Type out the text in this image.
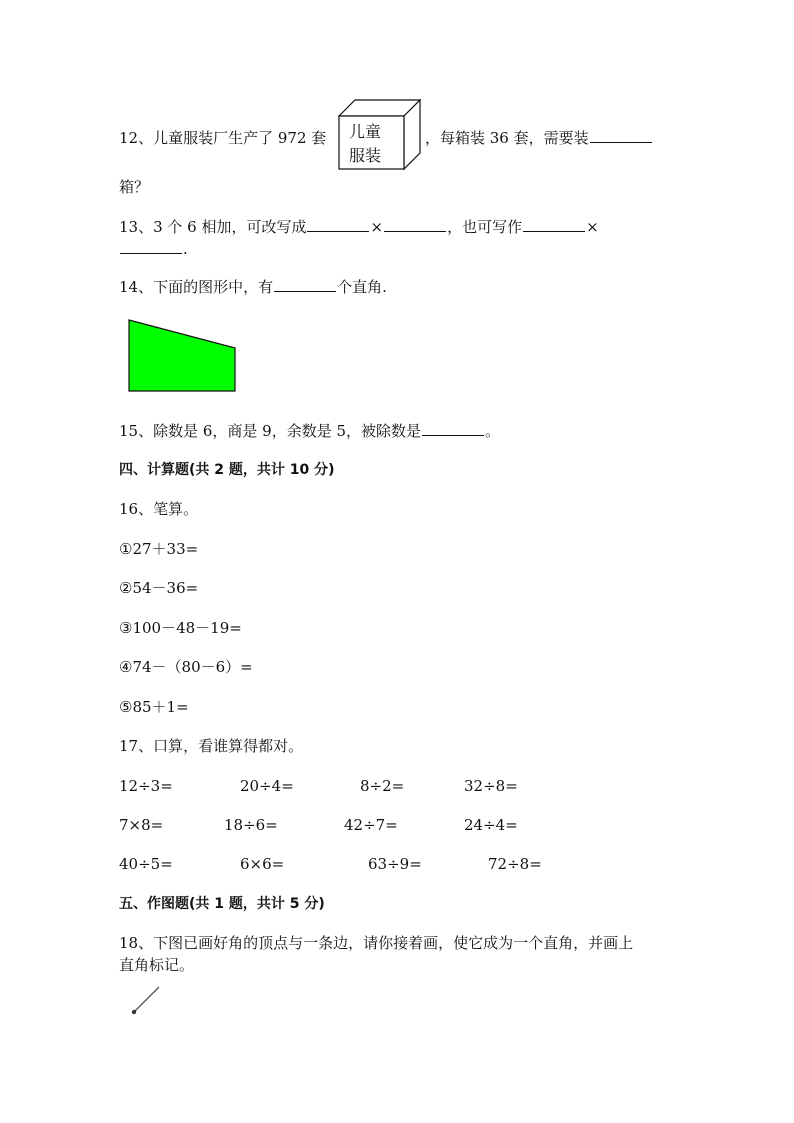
12、儿童服装厂生产了 972 套 儿童
服装
，每箱装 36 套，需要装
箱？
13、3 个 6 相加，可改写成	×	，也可写作	×
.
14、下面的图形中，有	个直角.
15、除数是 6，商是 9，余数是 5，被除数是	。
四、计算题(共 2 题，共计 10 分)
16、笔算。
①27＋33=
②54－36=
③100－48－19=
④74－（80－6）=
⑤85＋1=
17、口算，看谁算得都对。
12÷3=	20÷4=	8÷2=	32÷8=
7×8=	18÷6=	42÷7=	24÷4=
40÷5=	6×6=	63÷9=	72÷8=
五、作图题(共 1 题，共计 5 分)
18、下图已画好角的顶点与一条边，请你接着画，使它成为一个直角，并画上
直角标记。
